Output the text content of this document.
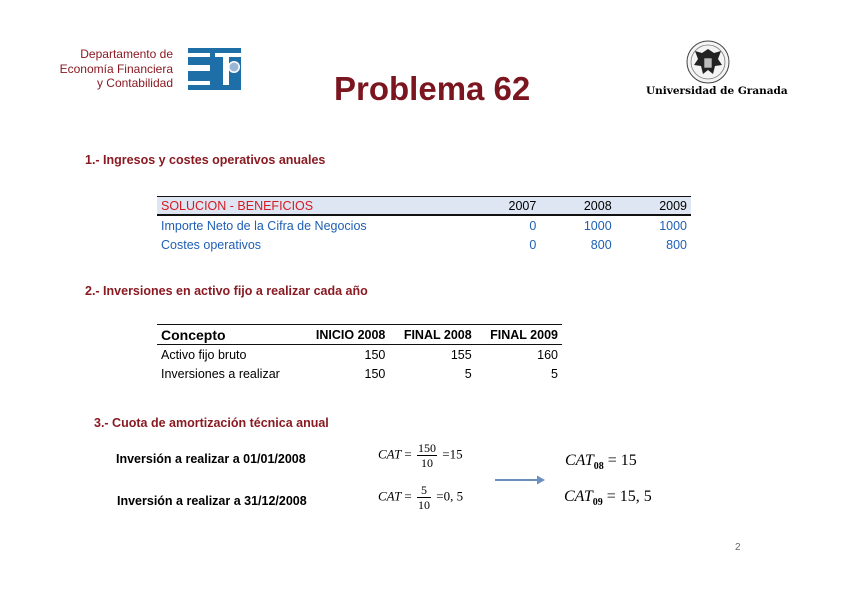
Departamento de
Economía Financiera
y Contabilidad	Problema 62	Universidad de Granada
1.- Ingresos y costes operativos anuales
SOLUCION - BENEFICIOS	2007	2008	2009
Importe Neto de la Cifra de Negocios	0	1000	1000
Costes operativos	0	800	800
2.- Inversiones en activo fijo a realizar cada año
Concepto	INICIO 2008	FINAL 2008	FINAL 2009
Activo fijo bruto	150	155	160
Inversiones a realizar	150	5	5
3.- Cuota de amortización técnica anual
Inversión a realizar a 01/01/2008
Inversión a realizar a 31/12/2008
CAT = $\frac{150}{10} =15$
CAT = $\frac{5}{10} =0$, 5
$CAT_{08} = 15$
$CAT_{09} = 15$, 5
2
